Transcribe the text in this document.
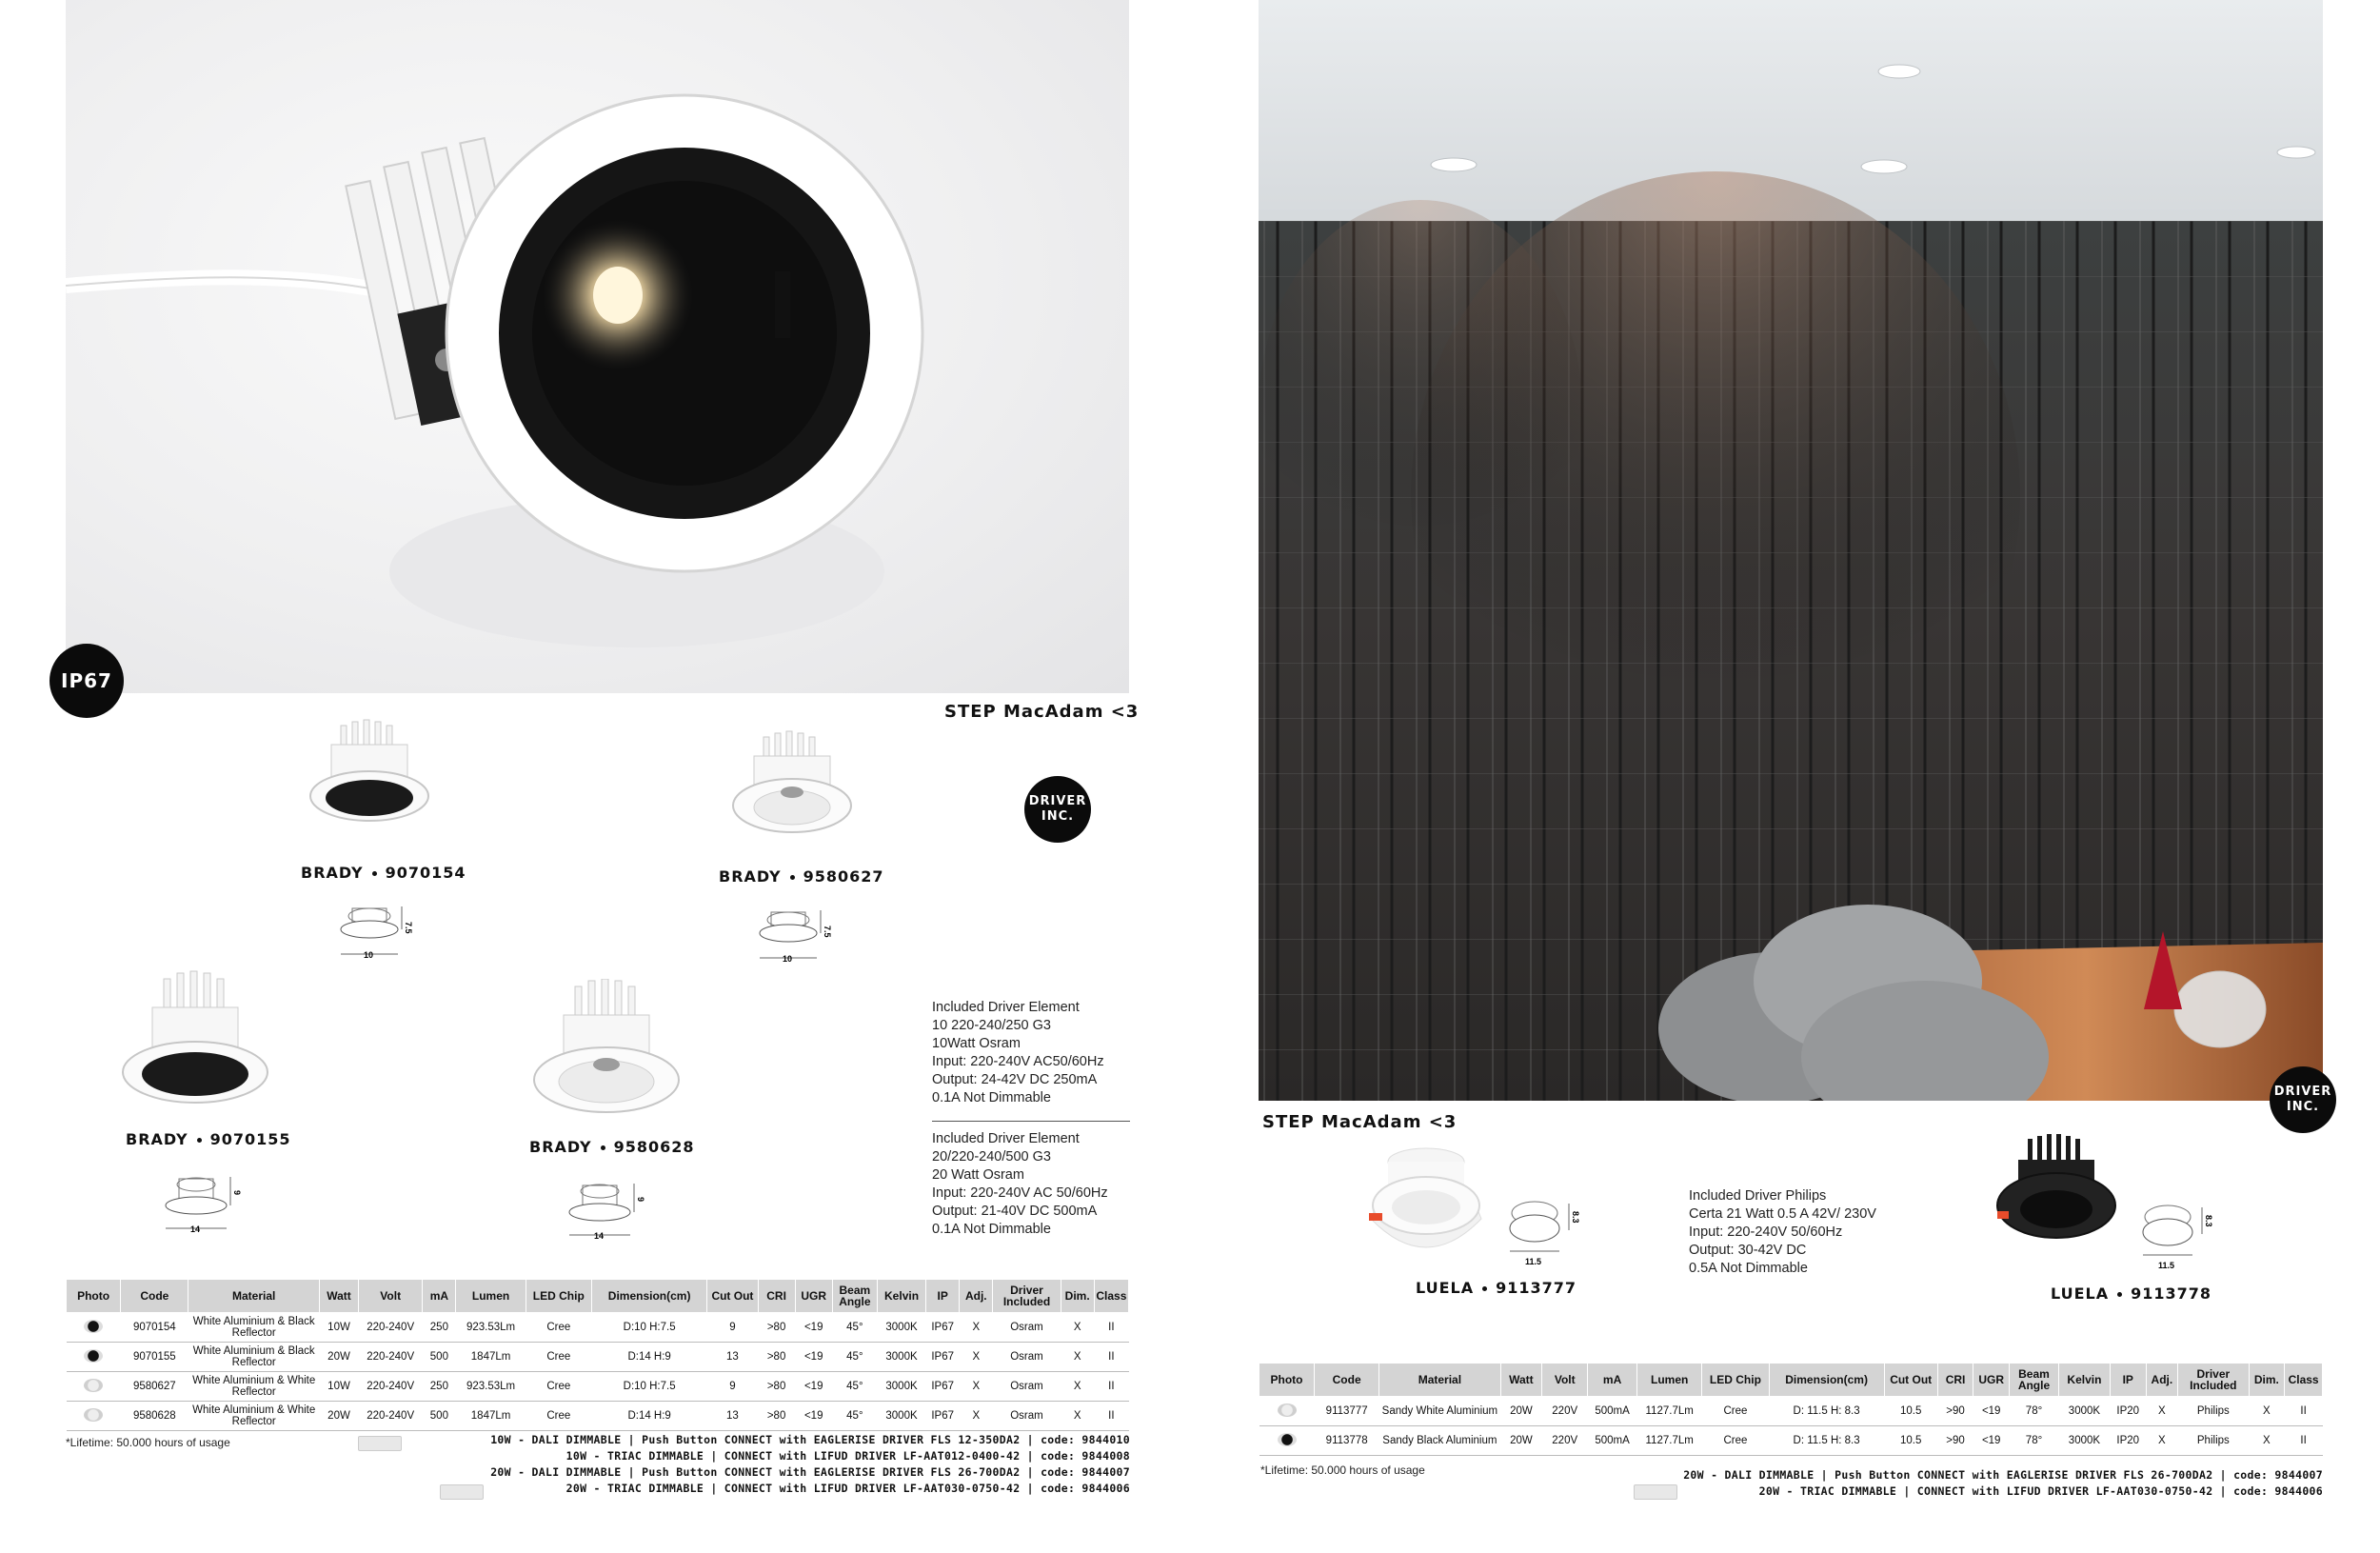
IP67
STEP MacAdam <3
DRIVER
INC.
BRADY 9070154
7.5
10
BRADY 9580627
7.5
10
BRADY 9070155
9
14
BRADY 9580628
9
14
Included Driver Element
10 220-240/250 G3
10Watt Osram
Input: 220-240V AC50/60Hz
Output: 24-42V DC 250mA
0.1A Not Dimmable
Included Driver Element
20/220-240/500 G3
20 Watt Osram
Input: 220-240V AC 50/60Hz
Output: 21-40V DC 500mA
0.1A Not Dimmable
Photo	Code	Material	Watt	Volt	mA	Lumen	LED Chip	Dimension(cm)	Cut Out	CRI	UGR	Beam Angle	Kelvin	IP	Adj.	Driver Included	Dim.	Class
	9070154	White Aluminium & Black Reflector	10W	220-240V	250	923.53Lm	Cree	D:10 H:7.5	9	>80	<19	45°	3000K	IP67	X	Osram	X	II
	9070155	White Aluminium & Black Reflector	20W	220-240V	500	1847Lm	Cree	D:14 H:9	13	>80	<19	45°	3000K	IP67	X	Osram	X	II
	9580627	White Aluminium & White Reflector	10W	220-240V	250	923.53Lm	Cree	D:10 H:7.5	9	>80	<19	45°	3000K	IP67	X	Osram	X	II
	9580628	White Aluminium & White Reflector	20W	220-240V	500	1847Lm	Cree	D:14 H:9	13	>80	<19	45°	3000K	IP67	X	Osram	X	II
*Lifetime: 50.000 hours of usage	10W - DALI DIMMABLE | Push Button CONNECT with EAGLERISE DRIVER FLS 12-350DA2 | code: 9844010
10W - TRIAC DIMMABLE | CONNECT with LIFUD DRIVER LF-AAT012-0400-42 | code: 9844008
20W - DALI DIMMABLE | Push Button CONNECT with EAGLERISE DRIVER FLS 26-700DA2 | code: 9844007
20W - TRIAC DIMMABLE | CONNECT with LIFUD DRIVER LF-AAT030-0750-42 | code: 9844006
DRIVER
INC.
STEP MacAdam <3
8.3
11.5
LUELA 9113777
Included Driver Philips
Certa 21 Watt 0.5 A 42V/ 230V
Input: 220-240V 50/60Hz
Output: 30-42V DC
0.5A Not Dimmable
8.3
11.5
LUELA 9113778
Photo	Code	Material	Watt	Volt	mA	Lumen	LED Chip	Dimension(cm)	Cut Out	CRI	UGR	Beam Angle	Kelvin	IP	Adj.	Driver Included	Dim.	Class
	9113777	Sandy White Aluminium	20W	220V	500mA	1127.7Lm	Cree	D: 11.5 H: 8.3	10.5	>90	<19	78°	3000K	IP20	X	Philips	X	II
	9113778	Sandy Black Aluminium	20W	220V	500mA	1127.7Lm	Cree	D: 11.5 H: 8.3	10.5	>90	<19	78°	3000K	IP20	X	Philips	X	II
*Lifetime: 50.000 hours of usage	20W - DALI DIMMABLE | Push Button CONNECT with EAGLERISE DRIVER FLS 26-700DA2 | code: 9844007
20W - TRIAC DIMMABLE | CONNECT with LIFUD DRIVER LF-AAT030-0750-42 | code: 9844006
